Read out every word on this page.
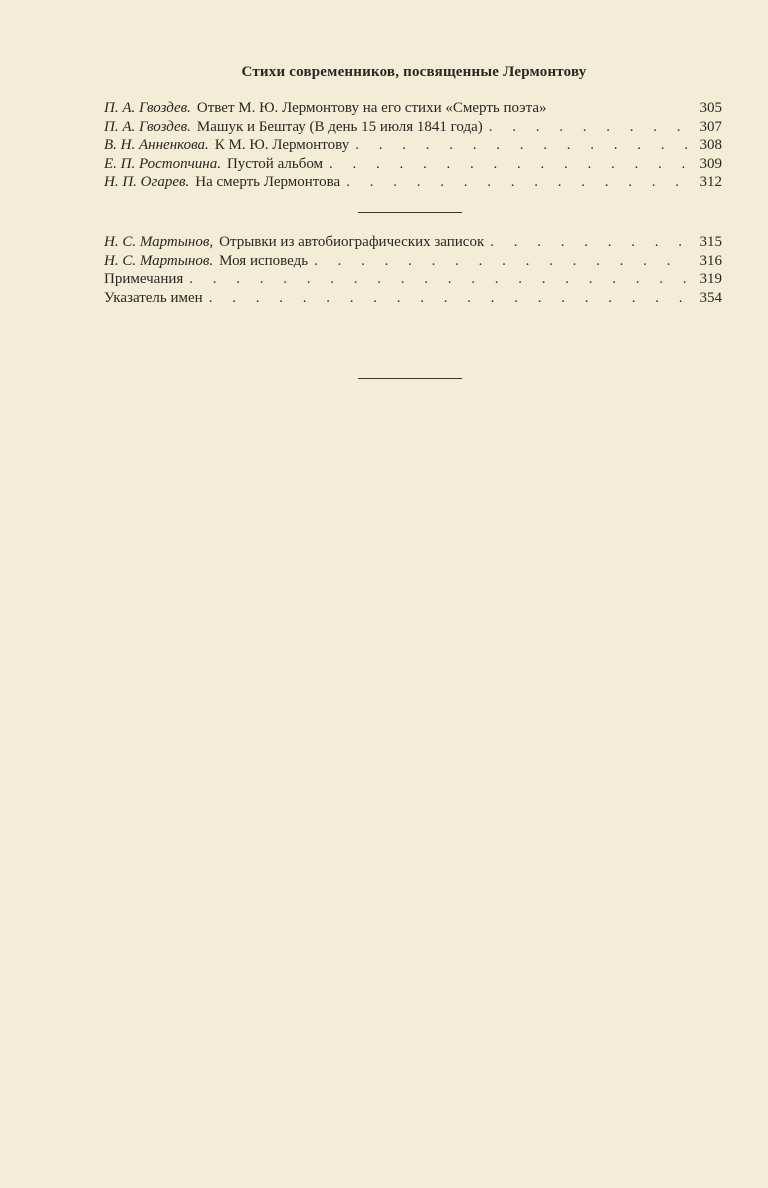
Стихи современников, посвященные Лермонтову
П. А. Гвоздев. Ответ М. Ю. Лермонтову на его стихи «Смерть поэта»	305
П. А. Гвоздев. Машук и Бештау (В день 15 июля 1841 года) . . .	307
В. Н. Анненкова. К М. Ю. Лермонтову . . .	308
Е. П. Ростопчина. Пустой альбом . . .	309
Н. П. Огарев. На смерть Лермонтова . . .	312
Н. С. Мартынов, Отрывки из автобиографических записок . . .	315
Н. С. Мартынов. Моя исповедь . . .	316
Примечания . . .	319
Указатель имен . . .	354
